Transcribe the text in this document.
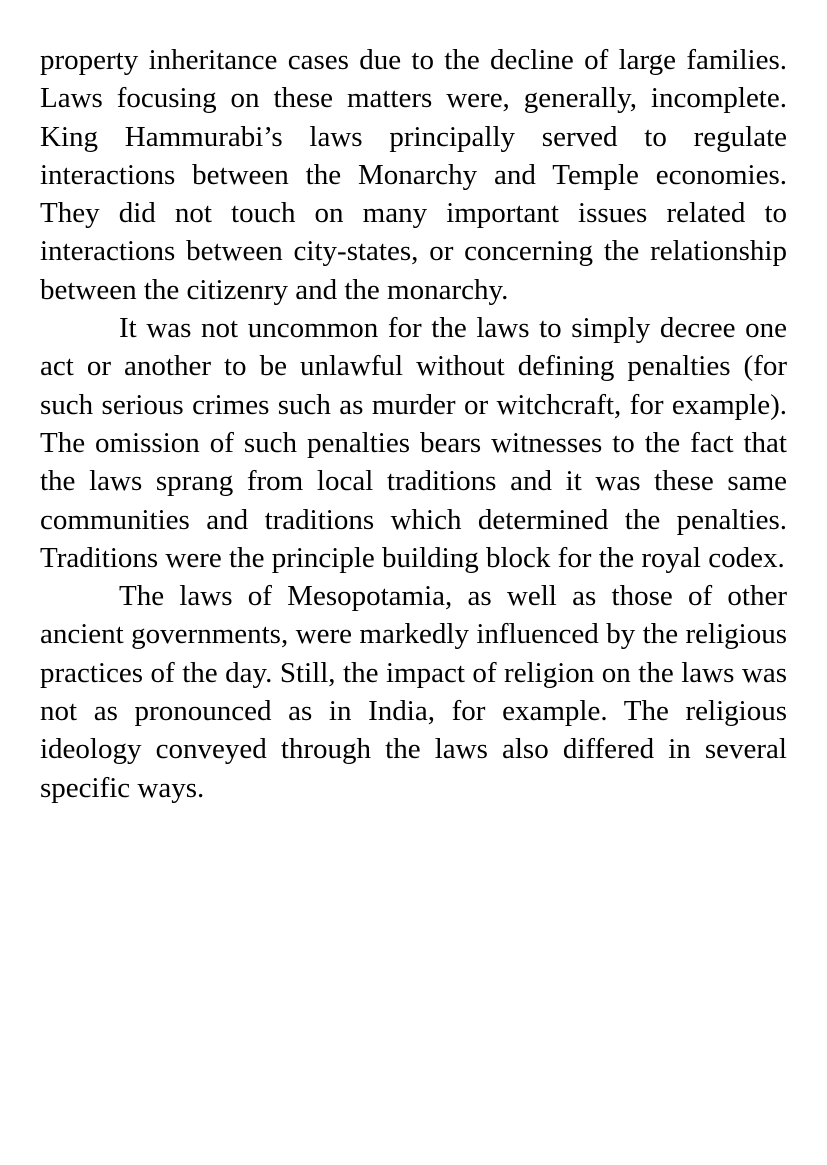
property inheritance cases due to the decline of large families. Laws focusing on these matters were, generally, incomplete. King Hammurabi’s laws principally served to regulate interactions between the Monarchy and Temple economies. They did not touch on many important issues related to interactions between city-states, or concerning the relationship between the citizenry and the monarchy.

It was not uncommon for the laws to simply decree one act or another to be unlawful without defining penalties (for such serious crimes such as murder or witchcraft, for example). The omission of such penalties bears witnesses to the fact that the laws sprang from local traditions and it was these same communities and traditions which determined the penalties. Traditions were the principle building block for the royal codex.

The laws of Mesopotamia, as well as those of other ancient governments, were markedly influenced by the religious practices of the day. Still, the impact of religion on the laws was not as pronounced as in India, for example. The religious ideology conveyed through the laws also differed in several specific ways.
